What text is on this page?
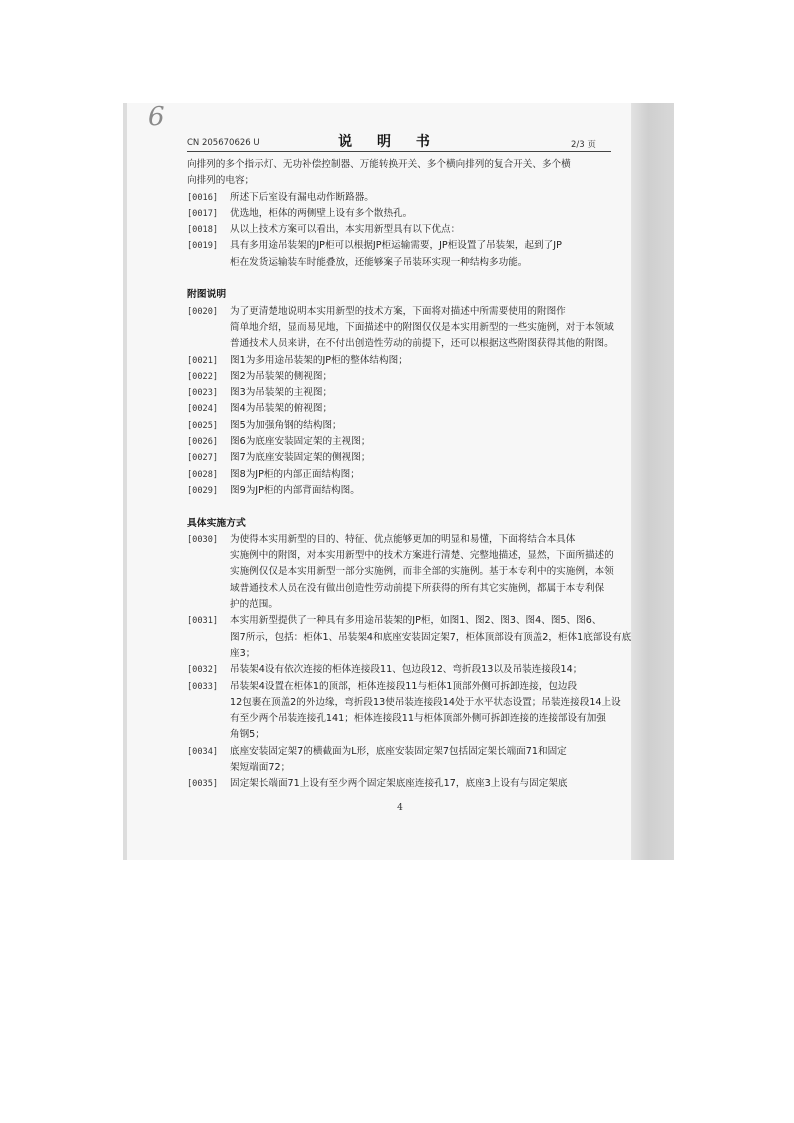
6
CN 205670626 U	说 明 书	2/3 页
向排列的多个指示灯、无功补偿控制器、万能转换开关、多个横向排列的复合开关、多个横
向排列的电容；
[0016]	所述下后室设有漏电动作断路器。
[0017]	优选地，柜体的两侧壁上设有多个散热孔。
[0018]	从以上技术方案可以看出，本实用新型具有以下优点：
[0019]	具有多用途吊装架的JP柜可以根据JP柜运输需要，JP柜设置了吊装架，起到了JP
柜在发货运输装车时能叠放，还能够案子吊装环实现一种结构多功能。
附图说明
[0020]	为了更清楚地说明本实用新型的技术方案，下面将对描述中所需要使用的附图作
简单地介绍，显而易见地，下面描述中的附图仅仅是本实用新型的一些实施例，对于本领域
普通技术人员来讲，在不付出创造性劳动的前提下，还可以根据这些附图获得其他的附图。
[0021]	图1为多用途吊装架的JP柜的整体结构图；
[0022]	图2为吊装架的侧视图；
[0023]	图3为吊装架的主视图；
[0024]	图4为吊装架的俯视图；
[0025]	图5为加强角钢的结构图；
[0026]	图6为底座安装固定架的主视图；
[0027]	图7为底座安装固定架的侧视图；
[0028]	图8为JP柜的内部正面结构图；
[0029]	图9为JP柜的内部背面结构图。
具体实施方式
[0030]	为使得本实用新型的目的、特征、优点能够更加的明显和易懂，下面将结合本具体
实施例中的附图，对本实用新型中的技术方案进行清楚、完整地描述，显然，下面所描述的
实施例仅仅是本实用新型一部分实施例，而非全部的实施例。基于本专利中的实施例，本领
域普通技术人员在没有做出创造性劳动前提下所获得的所有其它实施例，都属于本专利保
护的范围。
[0031]	本实用新型提供了一种具有多用途吊装架的JP柜，如图1、图2、图3、图4、图5、图6、
图7所示，包括：柜体1、吊装架4和底座安装固定架7，柜体顶部设有顶盖2，柜体1底部设有底
座3；
[0032]	吊装架4设有依次连接的柜体连接段11、包边段12、弯折段13以及吊装连接段14；
[0033]	吊装架4设置在柜体1的顶部，柜体连接段11与柜体1顶部外侧可拆卸连接，包边段
12包裹在顶盖2的外边缘，弯折段13使吊装连接段14处于水平状态设置；吊装连接段14上设
有至少两个吊装连接孔141；柜体连接段11与柜体顶部外侧可拆卸连接的连接部设有加强
角钢5；
[0034]	底座安装固定架7的横截面为L形，底座安装固定架7包括固定架长端面71和固定
架短端面72；
[0035]	固定架长端面71上设有至少两个固定架底座连接孔17，底座3上设有与固定架底
4
